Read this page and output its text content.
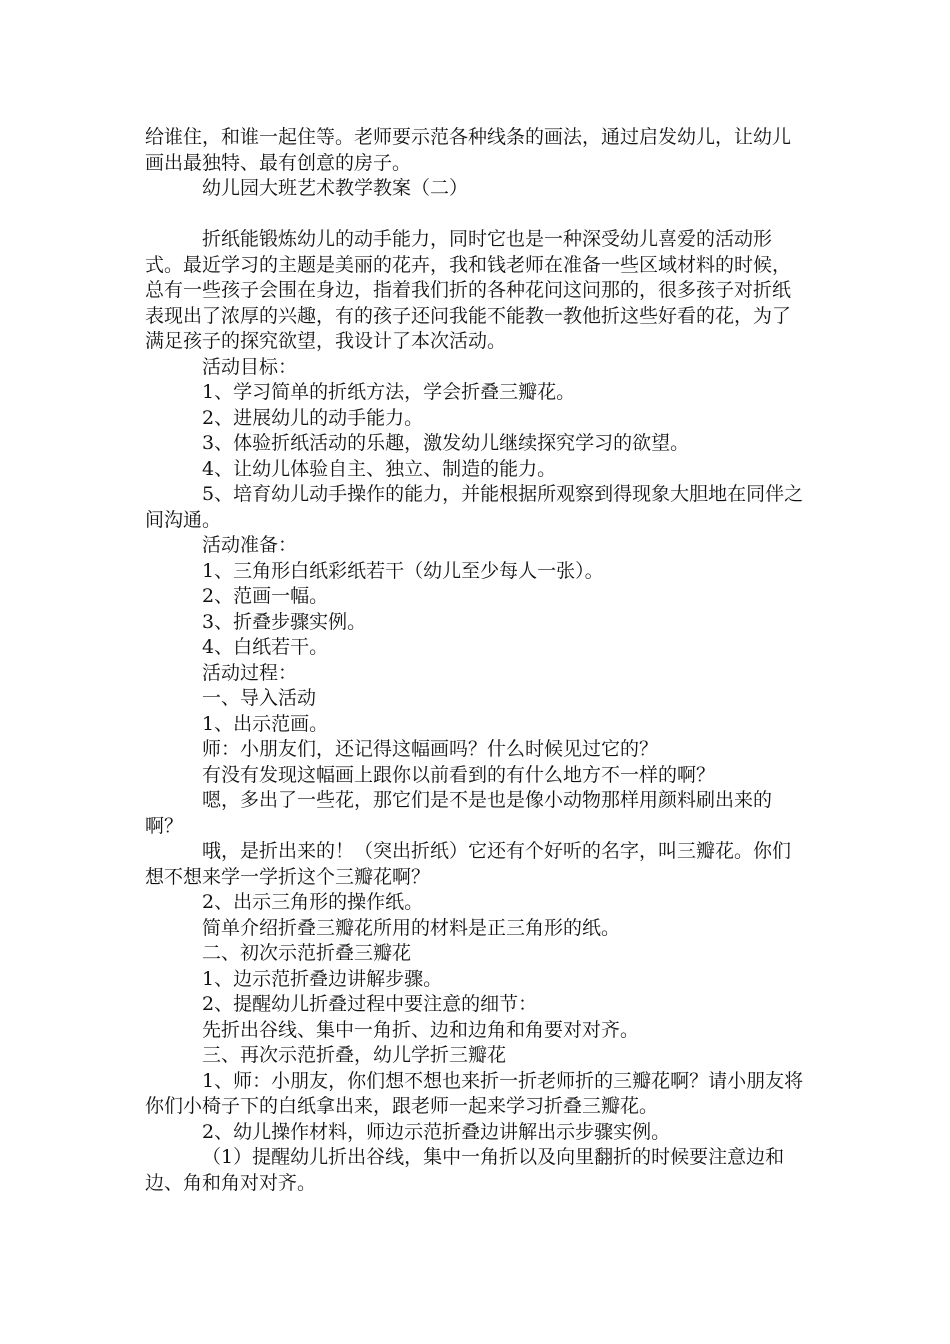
给谁住，和谁一起住等。老师要示范各种线条的画法，通过启发幼儿，让幼儿画出最独特、最有创意的房子。

幼儿园大班艺术教学教案（二）

折纸能锻炼幼儿的动手能力，同时它也是一种深受幼儿喜爱的活动形式。最近学习的主题是美丽的花卉，我和钱老师在准备一些区域材料的时候，总有一些孩子会围在身边，指着我们折的各种花问这问那的，很多孩子对折纸表现出了浓厚的兴趣，有的孩子还问我能不能教一教他折这些好看的花，为了满足孩子的探究欲望，我设计了本次活动。

活动目标：

1、学习简单的折纸方法，学会折叠三瓣花。

2、进展幼儿的动手能力。

3、体验折纸活动的乐趣，激发幼儿继续探究学习的欲望。

4、让幼儿体验自主、独立、制造的能力。

5、培育幼儿动手操作的能力，并能根据所观察到得现象大胆地在同伴之间沟通。

活动准备：

1、三角形白纸彩纸若干（幼儿至少每人一张）。

2、范画一幅。

3、折叠步骤实例。

4、白纸若干。

活动过程：

一、导入活动

1、出示范画。

师：小朋友们，还记得这幅画吗？什么时候见过它的？

有没有发现这幅画上跟你以前看到的有什么地方不一样的啊？

嗯，多出了一些花，那它们是不是也是像小动物那样用颜料刷出来的啊？

哦，是折出来的！（突出折纸）它还有个好听的名字，叫三瓣花。你们想不想来学一学折这个三瓣花啊？

2、出示三角形的操作纸。

简单介绍折叠三瓣花所用的材料是正三角形的纸。

二、初次示范折叠三瓣花

1、边示范折叠边讲解步骤。

2、提醒幼儿折叠过程中要注意的细节：

先折出谷线、集中一角折、边和边角和角要对对齐。

三、再次示范折叠，幼儿学折三瓣花

1、师：小朋友，你们想不想也来折一折老师折的三瓣花啊？请小朋友将你们小椅子下的白纸拿出来，跟老师一起来学习折叠三瓣花。

2、幼儿操作材料，师边示范折叠边讲解出示步骤实例。

（1）提醒幼儿折出谷线，集中一角折以及向里翻折的时候要注意边和边、角和角对对齐。
